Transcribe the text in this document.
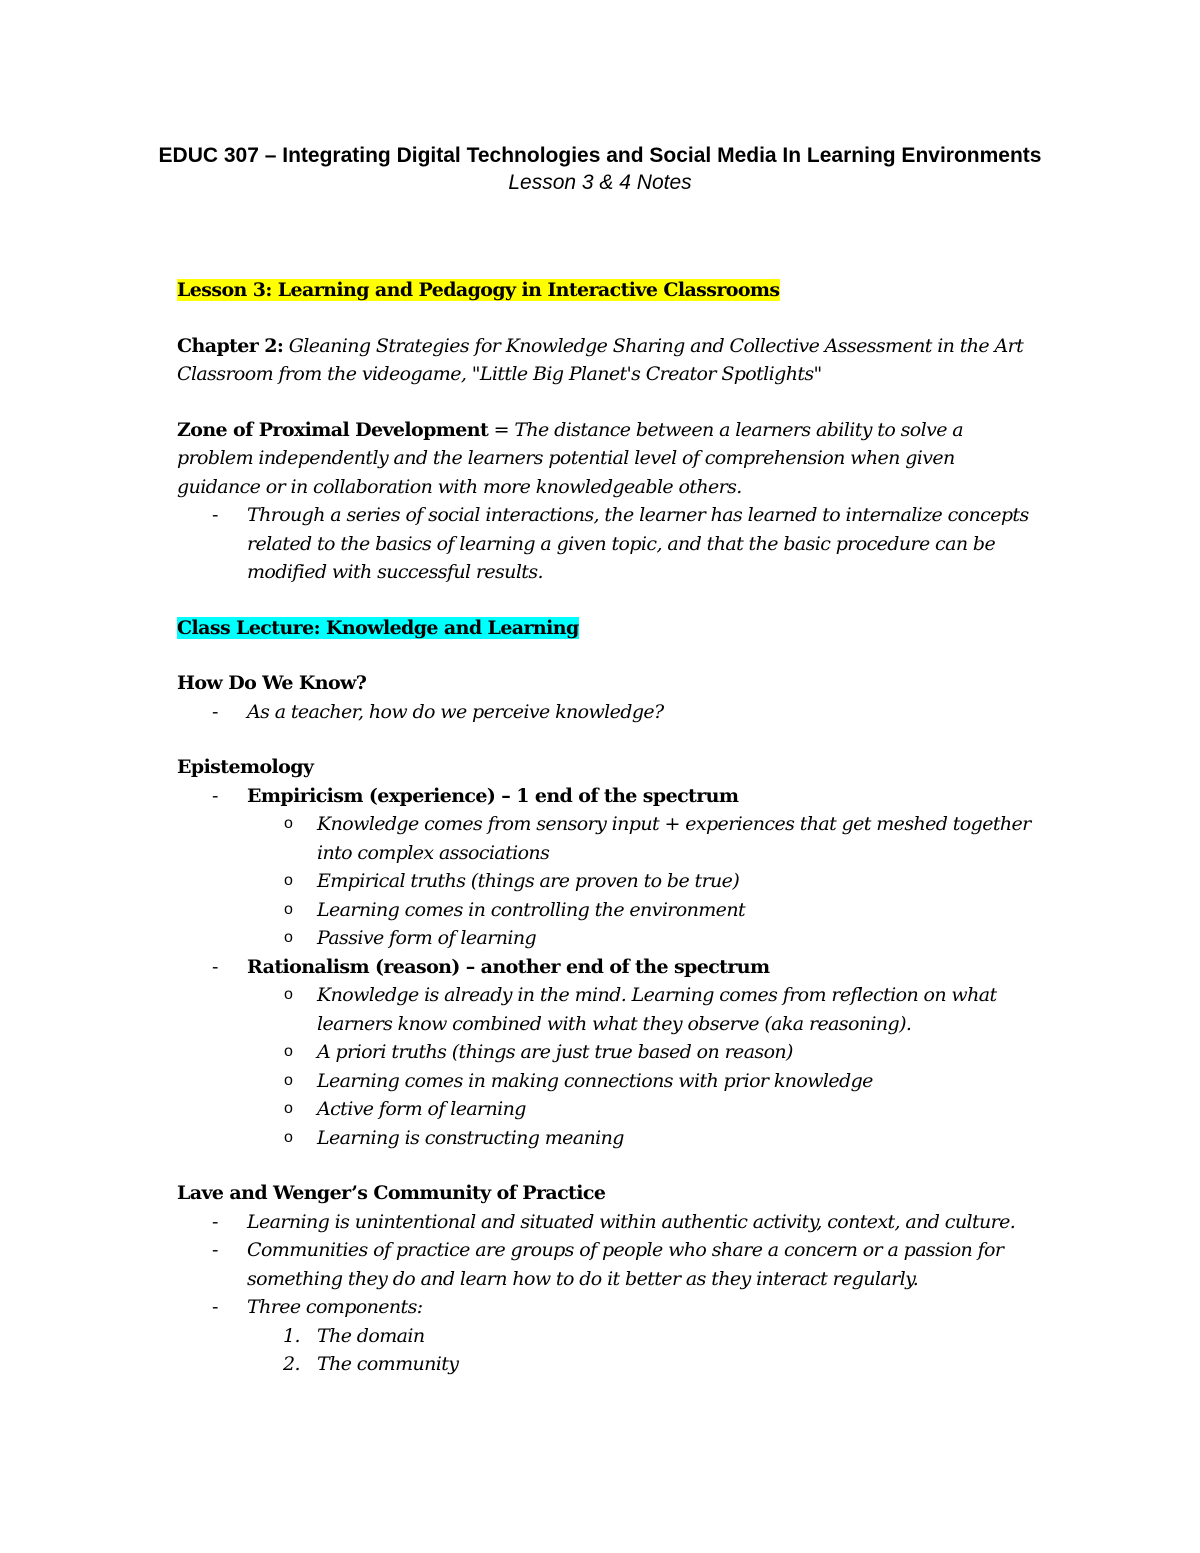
EDUC 307 – Integrating Digital Technologies and Social Media In Learning Environments
Lesson 3 & 4 Notes

Lesson 3: Learning and Pedagogy in Interactive Classrooms

Chapter 2: Gleaning Strategies for Knowledge Sharing and Collective Assessment in the Art Classroom from the videogame, "Little Big Planet's Creator Spotlights"

Zone of Proximal Development = The distance between a learners ability to solve a problem independently and the learners potential level of comprehension when given guidance or in collaboration with more knowledgeable others.

- Through a series of social interactions, the learner has learned to internalize concepts related to the basics of learning a given topic, and that the basic procedure can be modified with successful results.

Class Lecture: Knowledge and Learning

How Do We Know?

- As a teacher, how do we perceive knowledge?

Epistemology

- Empiricism (experience) – 1 end of the spectrum
o Knowledge comes from sensory input + experiences that get meshed together into complex associations
o Empirical truths (things are proven to be true)
o Learning comes in controlling the environment
o Passive form of learning
- Rationalism (reason) – another end of the spectrum
o Knowledge is already in the mind. Learning comes from reflection on what learners know combined with what they observe (aka reasoning).
o A priori truths (things are just true based on reason)
o Learning comes in making connections with prior knowledge
o Active form of learning
o Learning is constructing meaning

Lave and Wenger’s Community of Practice

- Learning is unintentional and situated within authentic activity, context, and culture.
- Communities of practice are groups of people who share a concern or a passion for something they do and learn how to do it better as they interact regularly.
- Three components:
1. The domain
2. The community
